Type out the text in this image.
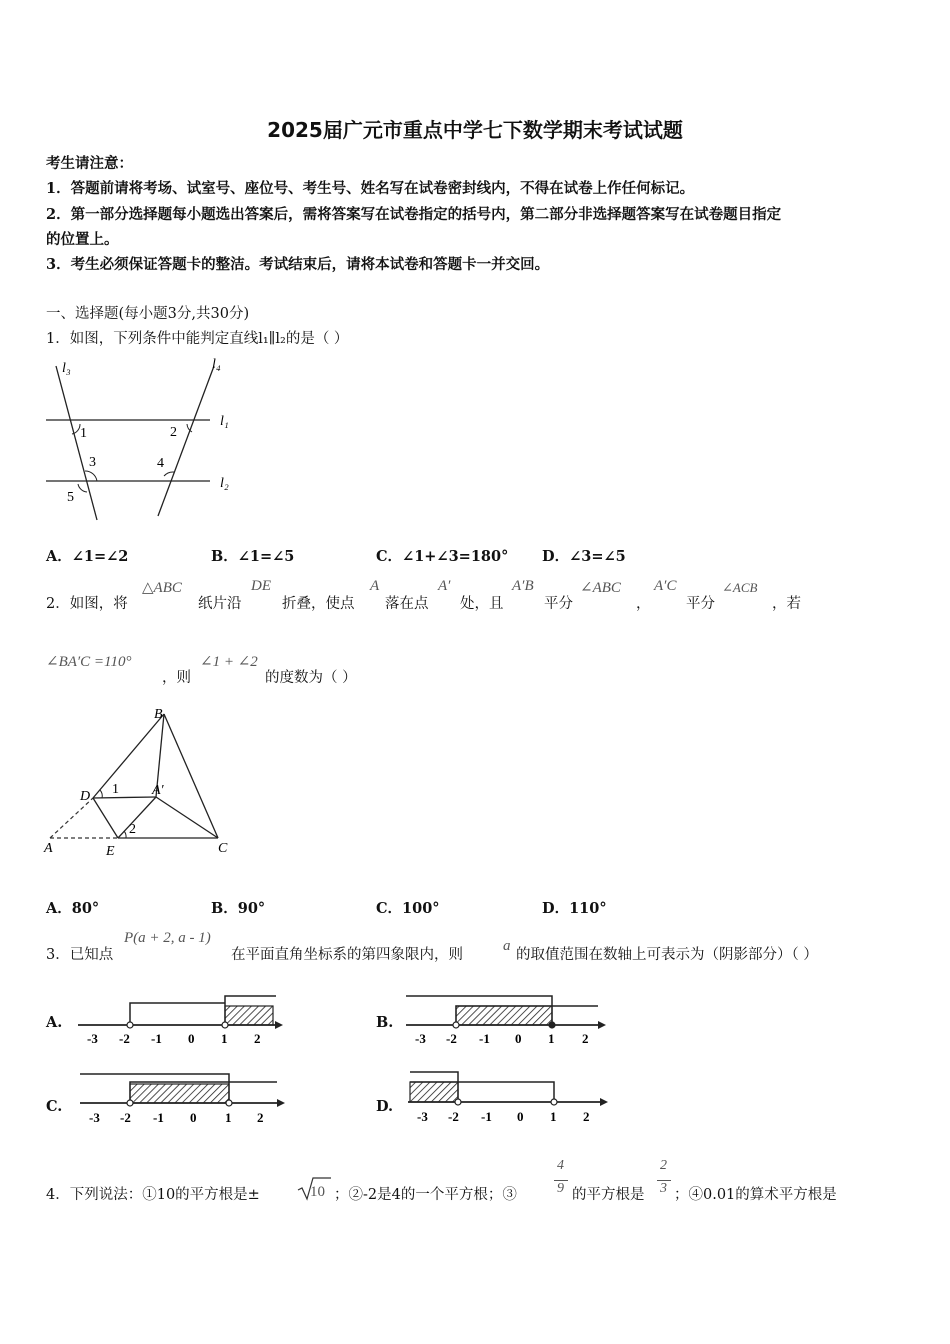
2025届广元市重点中学七下数学期末考试试题
考生请注意：
1．答题前请将考场、试室号、座位号、考生号、姓名写在试卷密封线内，不得在试卷上作任何标记。
2．第一部分选择题每小题选出答案后，需将答案写在试卷指定的括号内，第二部分非选择题答案写在试卷题目指定
的位置上。
3．考生必须保证答题卡的整洁。考试结束后，请将本试卷和答题卡一并交回。
一、选择题(每小题3分,共30分)
1．如图，下列条件中能判定直线l₁∥l₂的是（ ）
l₃	l₄
l₁
l₂
1	2
3	4
5
A．∠1=∠2	B．∠1=∠5	C．∠1+∠3=180° D．∠3=∠5
2．如图，将
△ABC
纸片沿
DE
折叠，使点
A
落在点
A′
处，且
A′B
平分
∠ABC
，
A′C
平分
∠ACB
，若
∠BA′C =110°
，则
∠1 + ∠2
的度数为（ ）
B
D	A′
A	E	C
1
2
A．80°	B．90°	C．100°	D．110°
3．已知点
P(a + 2, a - 1)
在平面直角坐标系的第四象限内，则
a
的取值范围在数轴上可表示为（阴影部分）（ ）
A.
-3 -2 -1 0 1 2
B.
-3 -2 -1 0 1 2
C.
-3 -2 -1 0 1 2
D.
-3 -2 -1 0 1 2
4．下列说法：①10的平方根是±	10 ；②-2是4的一个平方根；③
4
9 的平方根是
2
3 ；④0.01的算术平方根是
